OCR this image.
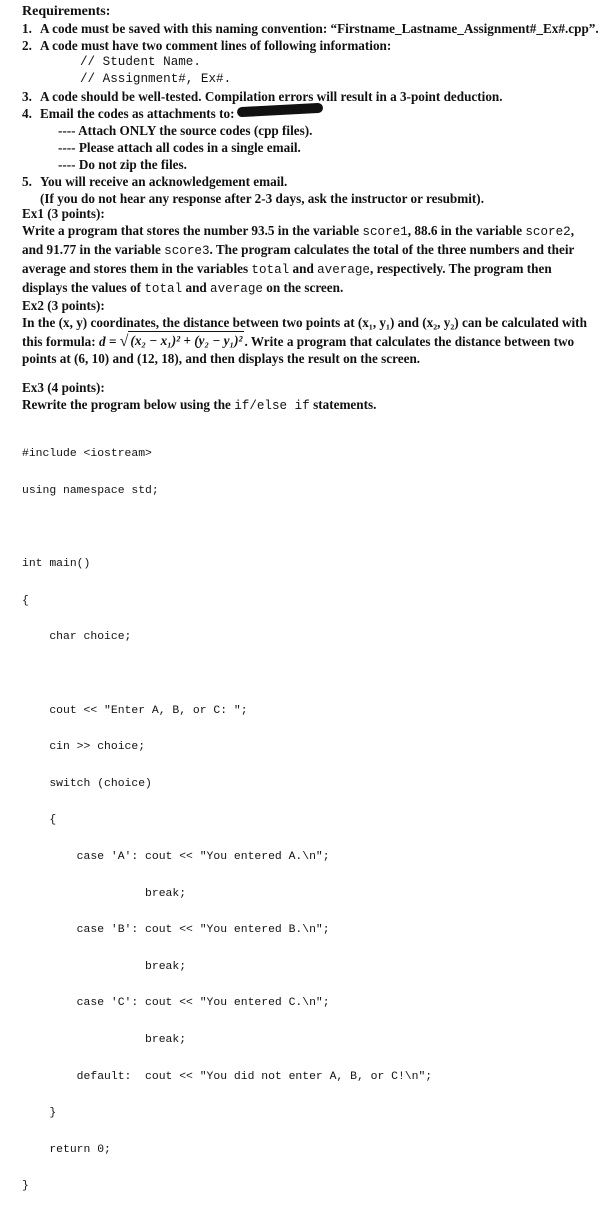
Requirements:
1. A code must be saved with this naming convention: “Firstname_Lastname_Assignment#_Ex#.cpp”.
2. A code must have two comment lines of following information:
// Student Name.
// Assignment#, Ex#.
3. A code should be well-tested. Compilation errors will result in a 3-point deduction.
4. Email the codes as attachments to:
---- Attach ONLY the source codes (cpp files).
---- Please attach all codes in a single email.
---- Do not zip the files.
5. You will receive an acknowledgement email.
(If you do not hear any response after 2-3 days, ask the instructor or resubmit).

Ex1 (3 points):

Write a program that stores the number 93.5 in the variable score1, 88.6 in the variable score2, and 91.77 in the variable score3. The program calculates the total of the three numbers and their average and stores them in the variables total and average, respectively. The program then displays the values of total and average on the screen.

Ex2 (3 points):

In the (x, y) coordinates, the distance between two points at (x₁, y₁) and (x₂, y₂) can be calculated with this formula: d = √ (x₂ − x₁)² + (y₂ − y₁)² . Write a program that calculates the distance between two points at (6, 10) and (12, 18), and then displays the result on the screen.

Ex3 (4 points):

Rewrite the program below using the if/else if statements.

#include <iostream>

using namespace std;

int main()

{

char choice;

cout << "Enter A, B, or C: ";

cin >> choice;

switch (choice)

{

case 'A': cout << "You entered A.\n";

break;

case 'B': cout << "You entered B.\n";

break;

case 'C': cout << "You entered C.\n";

break;

default:  cout << "You did not enter A, B, or C!\n";

}

return 0;

}
